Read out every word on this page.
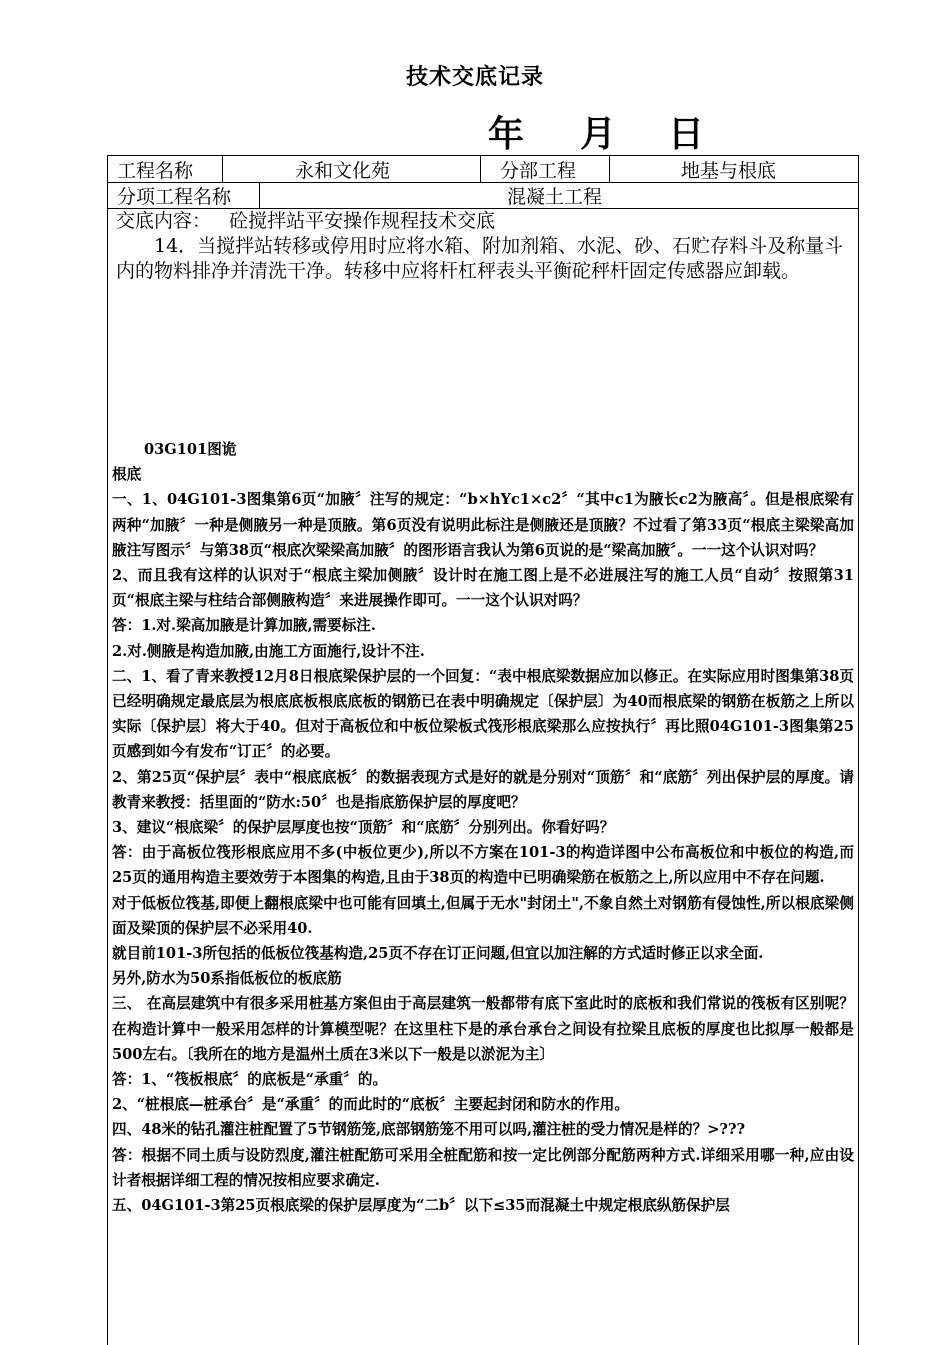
技术交底记录
年 月 日
工程名称	永和文化苑	分部工程	地基与根底
分项工程名称	混凝土工程

交底内容： 砼搅拌站平安操作规程技术交底

14．当搅拌站转移或停用时应将水箱、附加剂箱、水泥、砂、石贮存料斗及称量斗内的物料排净并清洗干净。转移中应将杆杠秤表头平衡砣秤杆固定传感器应卸载。

03G101图诡

根底

一、1、04G101-3图集第6页“加腋〞注写的规定：“b×hYc1×c2〞“其中c1为腋长c2为腋高〞。但是根底梁有两种“加腋〞一种是侧腋另一种是顶腋。第6页没有说明此标注是侧腋还是顶腋？不过看了第33页“根底主梁梁高加腋注写图示〞与第38页“根底次梁梁高加腋〞的图形语言我认为第6页说的是“梁高加腋〞。一一这个认识对吗？

2、而且我有这样的认识对于“根底主梁加侧腋〞设计时在施工图上是不必进展注写的施工人员“自动〞按照第31页“根底主梁与柱结合部侧腋构造〞来进展操作即可。一一这个认识对吗？

答：1.对.梁高加腋是计算加腋,需要标注.

2.对.侧腋是构造加腋,由施工方面施行,设计不注.

二、1、看了青来教授12月8日根底梁保护层的一个回复：“表中根底梁数据应加以修正。在实际应用时图集第38页已经明确规定最底层为根底底板根底底板的钢筋已在表中明确规定〔保护层〕为40而根底梁的钢筋在板筋之上所以实际〔保护层〕将大于40。但对于高板位和中板位梁板式筏形根底梁那么应按执行〞再比照04G101-3图集第25页感到如今有发布“订正〞的必要。

2、第25页“保护层〞表中“根底底板〞的数据表现方式是好的就是分别对“顶筋〞和“底筋〞列出保护层的厚度。请教青来教授：括里面的“防水:50〞也是指底筋保护层的厚度吧？

3、建议“根底梁〞的保护层厚度也按“顶筋〞和“底筋〞分别列出。你看好吗？

答：由于高板位筏形根底应用不多(中板位更少),所以不方案在101-3的构造详图中公布高板位和中板位的构造,而25页的通用构造主要效劳于本图集的构造,且由于38页的构造中已明确梁筋在板筋之上,所以应用中不存在问题.

对于低板位筏基,即便上翻根底梁中也可能有回填土,但属于无水"封闭土",不象自然土对钢筋有侵蚀性,所以根底梁侧面及梁顶的保护层不必采用40.

就目前101-3所包括的低板位筏基构造,25页不存在订正问题,但宜以加注解的方式适时修正以求全面.

另外,防水为50系指低板位的板底筋

三、 在高层建筑中有很多采用桩基方案但由于高层建筑一般都带有底下室此时的底板和我们常说的筏板有区别呢？在构造计算中一般采用怎样的计算模型呢？在这里柱下是的承台承台之间设有拉梁且底板的厚度也比拟厚一般都是500左右。〔我所在的地方是温州土质在3米以下一般是以淤泥为主〕

答：1、“筏板根底〞的底板是“承重〞的。

2、“桩根底—桩承台〞是“承重〞的而此时的“底板〞主要起封闭和防水的作用。

四、48米的钻孔灌注桩配置了5节钢筋笼,底部钢筋笼不用可以吗,灌注桩的受力情况是样的？>???

答：根据不同土质与设防烈度,灌注桩配筋可采用全桩配筋和按一定比例部分配筋两种方式.详细采用哪一种,应由设计者根据详细工程的情况按相应要求确定.

五、04G101-3第25页根底梁的保护层厚度为“二b〞以下≤35而混凝土中规定根底纵筋保护层
